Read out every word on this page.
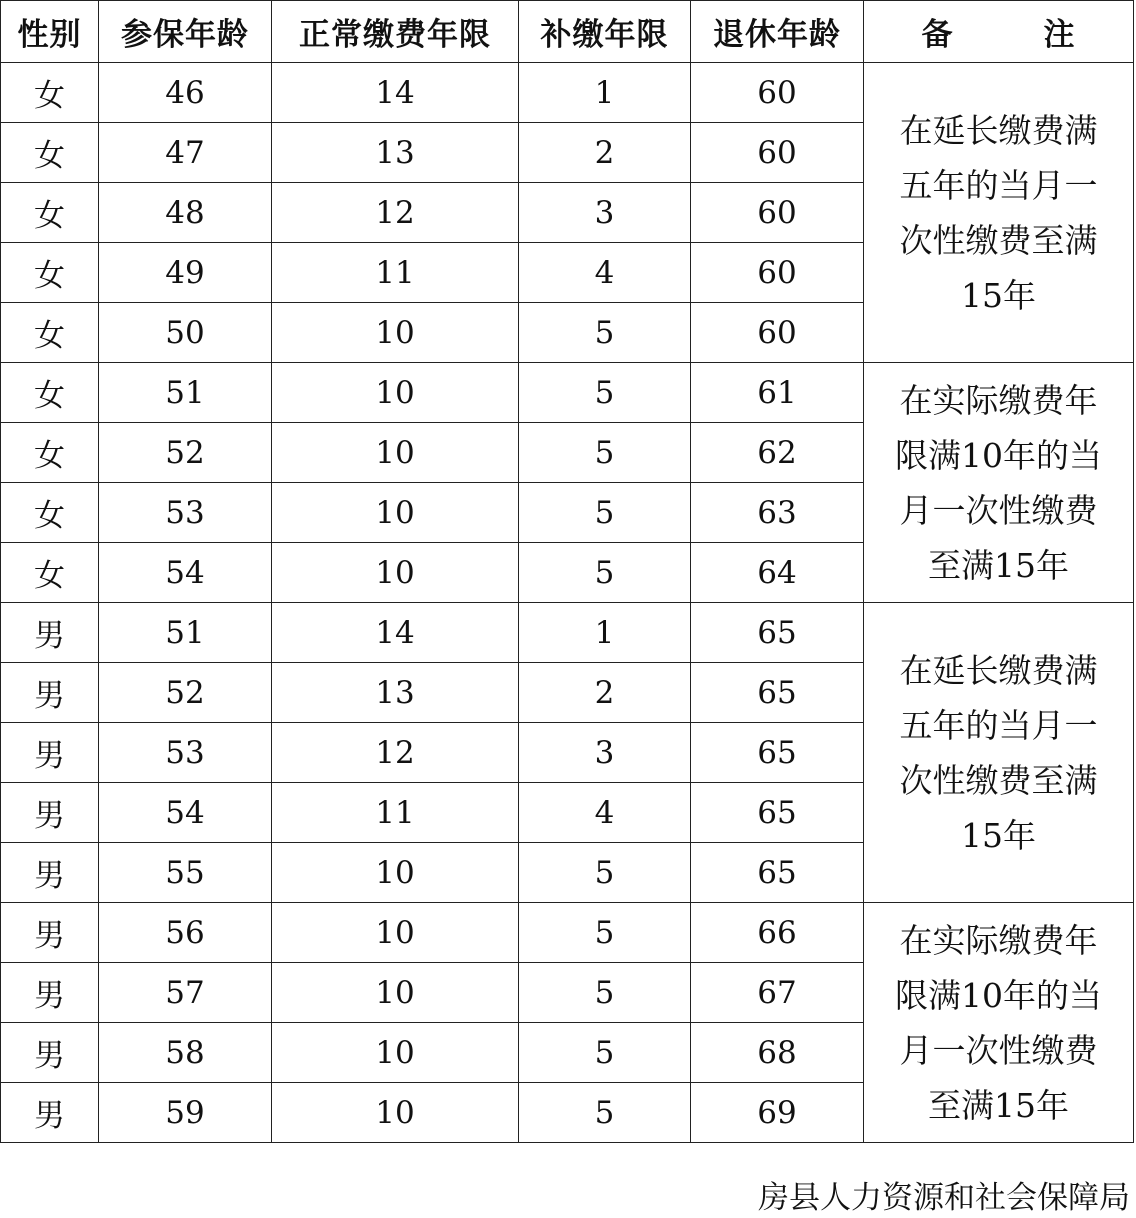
性别	参保年龄	正常缴费年限	补缴年限	退休年龄	备 注
女	46	14	1	60	在延长缴费满
五年的当月一
次性缴费至满
15年

女	47	13	2	60	
女	48	12	3	60	
女	49	11	4	60	
女	50	10	5	60	
女	51	10	5	61	在实际缴费年
限满10年的当
月一次性缴费
至满15年

女	52	10	5	62	
女	53	10	5	63	
女	54	10	5	64	
男	51	14	1	65	在延长缴费满
五年的当月一
次性缴费至满
15年

男	52	13	2	65	
男	53	12	3	65	
男	54	11	4	65	
男	55	10	5	65	
男	56	10	5	66	在实际缴费年
限满10年的当
月一次性缴费
至满15年

男	57	10	5	67	
男	58	10	5	68	
男	59	10	5	69	
房县人力资源和社会保障局
